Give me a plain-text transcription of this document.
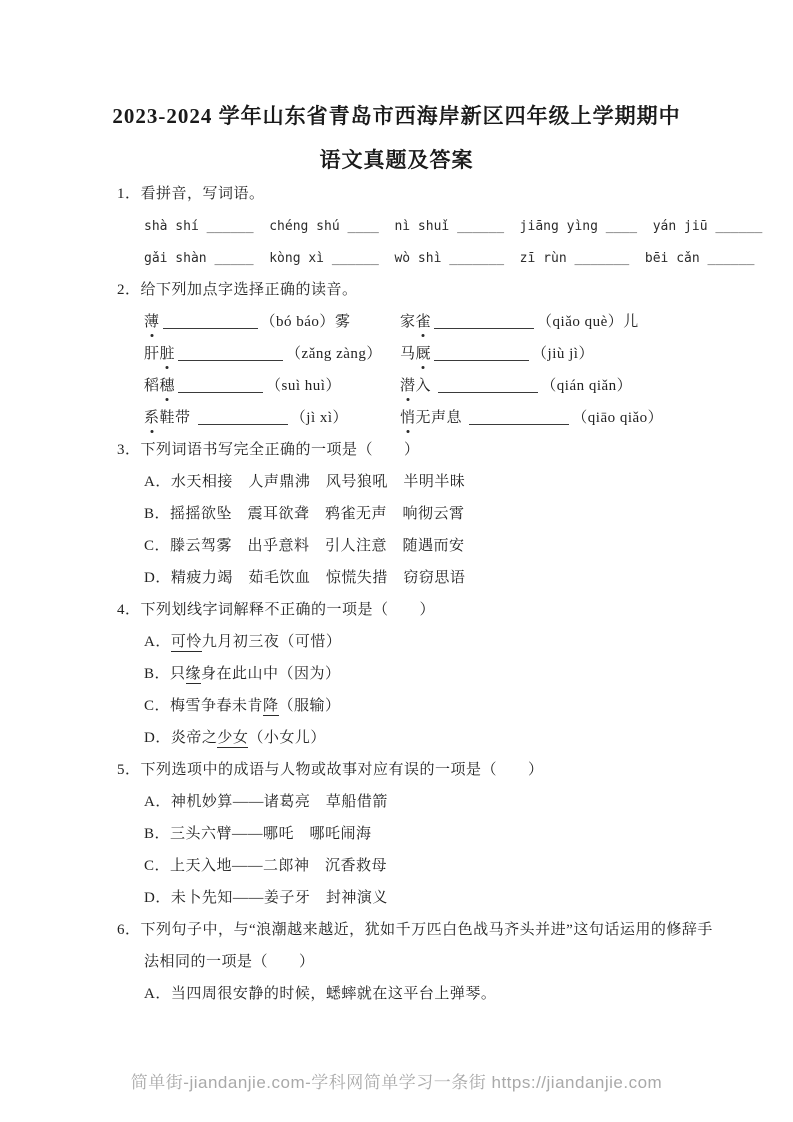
2023-2024 学年山东省青岛市西海岸新区四年级上学期期中
语文真题及答案
1．看拼音，写词语。
shà shí ______  chéng shú ____  nì shuǐ ______  jiāng yìng ____  yán jiū ______
gǎi shàn _____  kòng xì ______  wò shì _______  zī rùn _______  bēi cǎn ______
2．给下列加点字选择正确的读音。
薄	（bó báo）雾	家雀	（qiǎo què）儿
肝脏	（zǎng zàng）	马厩	（jiù jì）
稻穗	（suì huì）	潜入	（qián qiǎn）
系鞋带	（jì xì）	悄无声息	（qiāo qiǎo）
3．下列词语书写完全正确的一项是（　　）
A．水天相接　人声鼎沸　风号狼吼　半明半昧
B．摇摇欲坠　震耳欲聋　鸦雀无声　响彻云霄
C．滕云驾雾　出乎意料　引人注意　随遇而安
D．精疲力竭　茹毛饮血　惊慌失措　窃窃思语
4．下列划线字词解释不正确的一项是（　　）
A．可怜九月初三夜（可惜）
B．只缘身在此山中（因为）
C．梅雪争春未肯降（服输）
D．炎帝之少女（小女儿）
5．下列选项中的成语与人物或故事对应有误的一项是（　　）
A．神机妙算——诸葛亮　草船借箭
B．三头六臂——哪吒　哪吒闹海
C．上天入地——二郎神　沉香救母
D．未卜先知——姜子牙　封神演义
6．下列句子中，与“浪潮越来越近，犹如千万匹白色战马齐头并进”这句话运用的修辞手
法相同的一项是（　　）
A．当四周很安静的时候，蟋蟀就在这平台上弹琴。
简单街-jiandanjie.com-学科网简单学习一条街 https://jiandanjie.com
